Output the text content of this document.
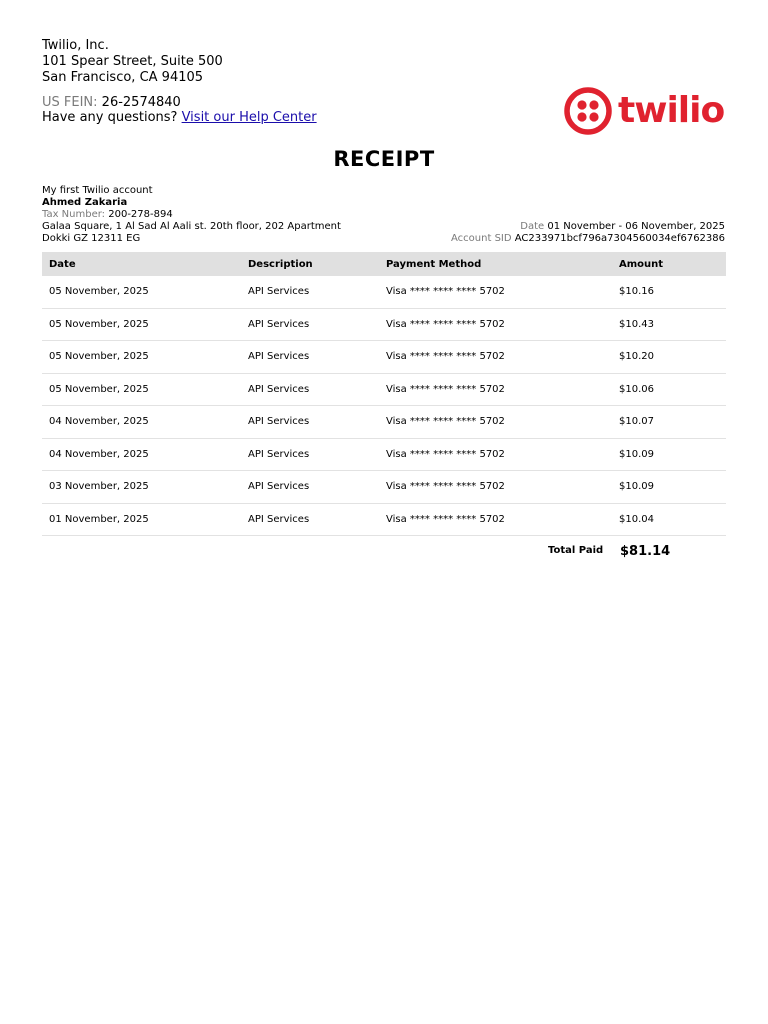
Twilio, Inc.
101 Spear Street, Suite 500
San Francisco, CA 94105
US FEIN: 26-2574840
Have any questions? Visit our Help Center	twilio
RECEIPT
My first Twilio account
Ahmed Zakaria
Tax Number: 200-278-894
Galaa Square, 1 Al Sad Al Aali st. 20th floor, 202 Apartment
Dokki GZ 12311 EG
Date 01 November - 06 November, 2025
Account SID AC233971bcf796a7304560034ef6762386
Date	Description	Payment Method	Amount
05 November, 2025	API Services	Visa **** **** **** 5702	$10.16
05 November, 2025	API Services	Visa **** **** **** 5702	$10.43
05 November, 2025	API Services	Visa **** **** **** 5702	$10.20
05 November, 2025	API Services	Visa **** **** **** 5702	$10.06
04 November, 2025	API Services	Visa **** **** **** 5702	$10.07
04 November, 2025	API Services	Visa **** **** **** 5702	$10.09
03 November, 2025	API Services	Visa **** **** **** 5702	$10.09
01 November, 2025	API Services	Visa **** **** **** 5702	$10.04
Total Paid $81.14
